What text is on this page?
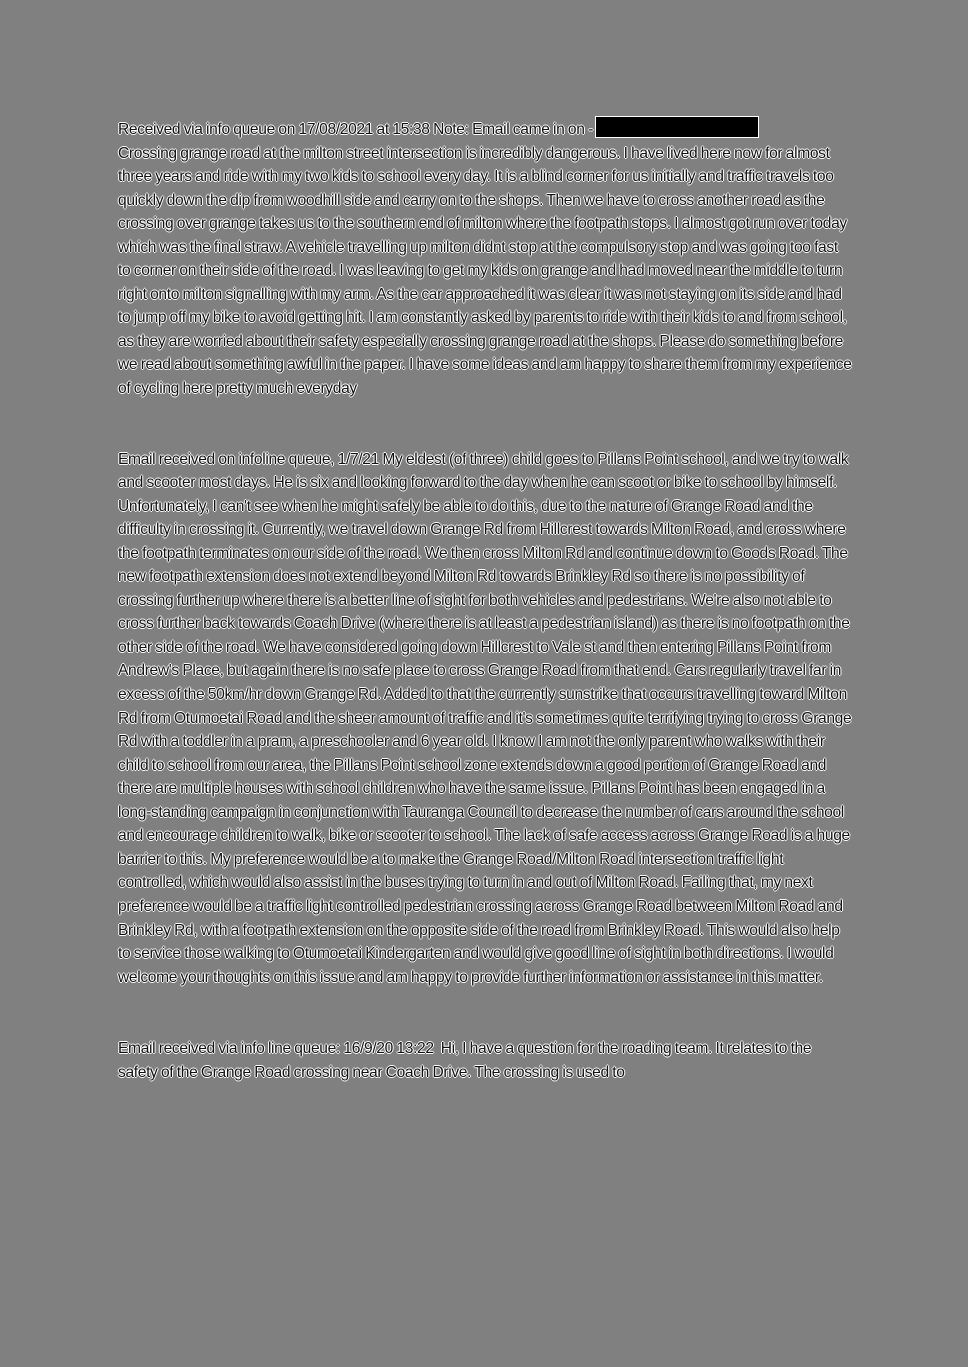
Received via info queue on 17/08/2021 at 15:38 Note: Email came in on -
Crossing grange road at the milton street intersection is incredibly dangerous. I have lived here now for almost three years and ride with my two kids to school every day. It is a blind corner for us initially and traffic travels too quickly down the dip from woodhill side and carry on to the shops. Then we have to cross another road as the crossing over grange takes us to the southern end of milton where the footpath stops. I almost got run over today which was the final straw. A vehicle travelling up milton didnt stop at the compulsory stop and was going too fast to corner on their side of the road. I was leaving to get my kids on grange and had moved near the middle to turn right onto milton signalling with my arm. As the car approached it was clear it was not staying on its side and had to jump off my bike to avoid getting hit. I am constantly asked by parents to ride with their kids to and from school, as they are worried about their safety especially crossing grange road at the shops. Please do something before we read about something awful in the paper. I have some ideas and am happy to share them from my experience of cycling here pretty much everyday

Email received on infoline queue, 1/7/21 My eldest (of three) child goes to Pillans Point school, and we try to walk and scooter most days. He is six and looking forward to the day when he can scoot or bike to school by himself. Unfortunately, I can't see when he might safely be able to do this, due to the nature of Grange Road and the difficulty in crossing it. Currently, we travel down Grange Rd from Hillcrest towards Milton Road, and cross where the footpath terminates on our side of the road. We then cross Milton Rd and continue down to Goods Road. The new footpath extension does not extend beyond Milton Rd towards Brinkley Rd so there is no possibility of crossing further up where there is a better line of sight for both vehicles and pedestrians. We're also not able to cross further back towards Coach Drive (where there is at least a pedestrian island) as there is no footpath on the other side of the road. We have considered going down Hillcrest to Vale st and then entering Pillans Point from Andrew's Place, but again there is no safe place to cross Grange Road from that end. Cars regularly travel far in excess of the 50km/hr down Grange Rd. Added to that the currently sunstrike that occurs travelling toward Milton Rd from Otumoetai Road and the sheer amount of traffic and it's sometimes quite terrifying trying to cross Grange Rd with a toddler in a pram, a preschooler and 6 year old. I know I am not the only parent who walks with their child to school from our area, the Pillans Point school zone extends down a good portion of Grange Road and there are multiple houses with school children who have the same issue. Pillans Point has been engaged in a long-standing campaign in conjunction with Tauranga Council to decrease the number of cars around the school and encourage children to walk, bike or scooter to school. The lack of safe access across Grange Road is a huge barrier to this. My preference would be a to make the Grange Road/Milton Road intersection traffic light controlled, which would also assist in the buses trying to turn in and out of Milton Road. Failing that, my next preference would be a traffic light controlled pedestrian crossing across Grange Road between Milton Road and Brinkley Rd, with a footpath extension on the opposite side of the road from Brinkley Road. This would also help to service those walking to Otumoetai Kindergarten and would give good line of sight in both directions. I would welcome your thoughts on this issue and am happy to provide further information or assistance in this matter.

Email received via info line queue: 16/9/20 13:22 Hi, I have a question for the roading team. It relates to the safety of the Grange Road crossing near Coach Drive. The crossing is used to
